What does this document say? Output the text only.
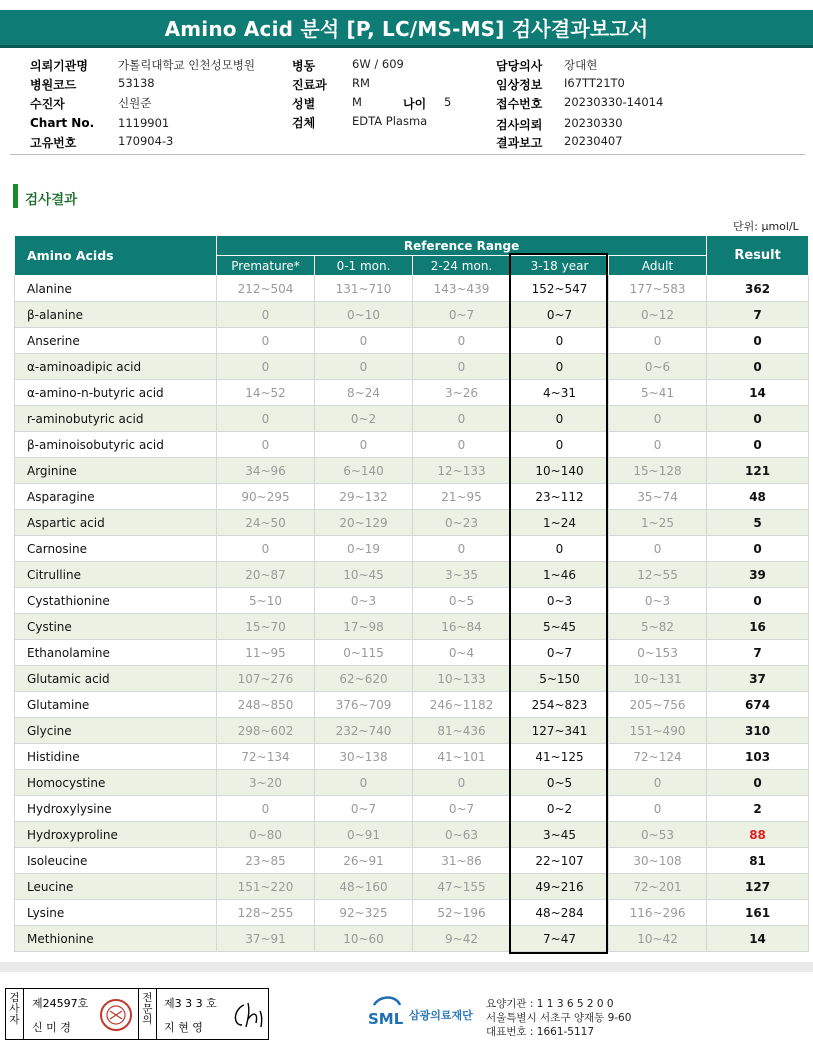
Amino Acid 분석 [P, LC/MS-MS] 검사결과보고서
의뢰기관명	가톨릭대학교 인천성모병원
병원코드	53138
수진자	신원준
Chart No. 1119901
고유번호	170904-3
병동	6W / 609
진료과 RM
성별	M
검체	EDTA Plasma
나이 5
담당의사 장대현
임상정보 I67TT21T0
접수번호 20230330-14014
검사의뢰 20230330
결과보고 20230407
검사결과
단위: μmol/L
Amino Acids	Reference Range					Result
	Premature*	0-1 mon.	2-24 mon.	3-18 year	Adult	
Alanine	212~504	131~710	143~439	152~547	177~583	362
β-alanine	0	0~10	0~7	0~7	0~12	7
Anserine	0	0	0	0	0	0
α-aminoadipic acid	0	0	0	0	0~6	0
α-amino-n-butyric acid	14~52	8~24	3~26	4~31	5~41	14
r-aminobutyric acid	0	0~2	0	0	0	0
β-aminoisobutyric acid	0	0	0	0	0	0
Arginine	34~96	6~140	12~133	10~140	15~128	121
Asparagine	90~295	29~132	21~95	23~112	35~74	48
Aspartic acid	24~50	20~129	0~23	1~24	1~25	5
Carnosine	0	0~19	0	0	0	0
Citrulline	20~87	10~45	3~35	1~46	12~55	39
Cystathionine	5~10	0~3	0~5	0~3	0~3	0
Cystine	15~70	17~98	16~84	5~45	5~82	16
Ethanolamine	11~95	0~115	0~4	0~7	0~153	7
Glutamic acid	107~276	62~620	10~133	5~150	10~131	37
Glutamine	248~850	376~709	246~1182	254~823	205~756	674
Glycine	298~602	232~740	81~436	127~341	151~490	310
Histidine	72~134	30~138	41~101	41~125	72~124	103
Homocystine	3~20	0	0	0~5	0	0
Hydroxylysine	0	0~7	0~7	0~2	0	2
Hydroxyproline	0~80	0~91	0~63	3~45	0~53	88
Isoleucine	23~85	26~91	31~86	22~107	30~108	81
Leucine	151~220	48~160	47~155	49~216	72~201	127
Lysine	128~255	92~325	52~196	48~284	116~296	161
Methionine	37~91	10~60	9~42	7~47	10~42	14
검사자
제24597호
신 미 경
전문의
제3 3 3 호
지 현 영	SML 삼광의료재단
요양기관 : 1 1 3 6 5 2 0 0
서울특별시 서초구 양재동 9-60
대표번호 : 1661-5117
